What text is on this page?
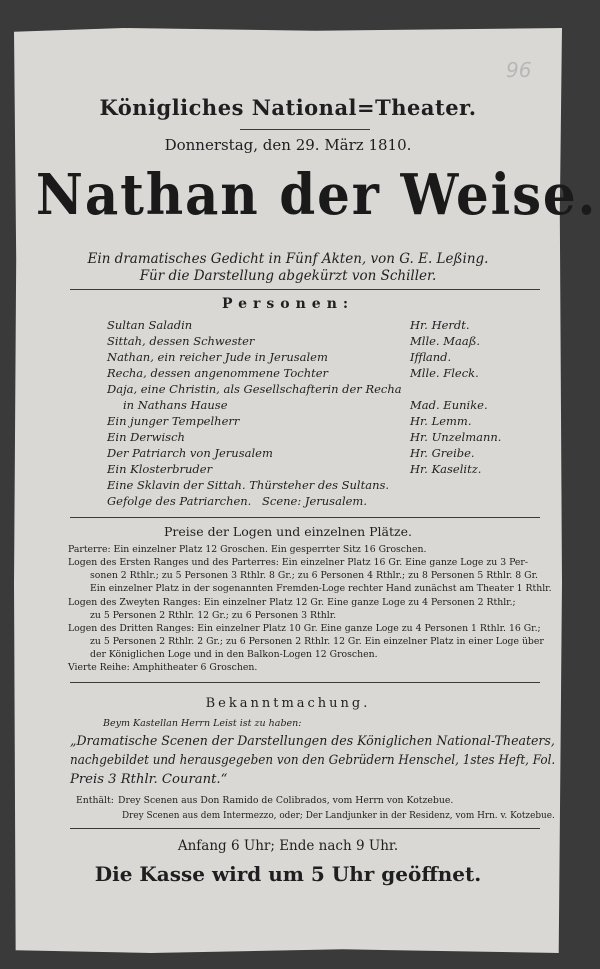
96
Königliches National=Theater.
Donnerstag, den 29. März 1810.
Nathan der Weise.
Ein dramatisches Gedicht in Fünf Akten, von G. E. Leßing.
Für die Darstellung abgekürzt von Schiller.
Personen:
Sultan Saladin	Hr. Herdt.
Sittah, dessen Schwester	Mlle. Maaß.
Nathan, ein reicher Jude in Jerusalem	Iffland.
Recha, dessen angenommene Tochter	Mlle. Fleck.
Daja, eine Christin, als Gesellschafterin der Recha
in Nathans Hause	Mad. Eunike.
Ein junger Tempelherr	Hr. Lemm.
Ein Derwisch	Hr. Unzelmann.
Der Patriarch von Jerusalem	Hr. Greibe.
Ein Klosterbruder	Hr. Kaselitz.
Eine Sklavin der Sittah. Thürsteher des Sultans.
Gefolge des Patriarchen. Scene: Jerusalem.
Preise der Logen und einzelnen Plätze.
Parterre: Ein einzelner Platz 12 Groschen. Ein gesperrter Sitz 16 Groschen.
Logen des Ersten Ranges und des Parterres: Ein einzelner Platz 16 Gr. Eine ganze Loge zu 3 Per-
sonen 2 Rthlr.; zu 5 Personen 3 Rthlr. 8 Gr.; zu 6 Personen 4 Rthlr.; zu 8 Personen 5 Rthlr. 8 Gr.
Ein einzelner Platz in der sogenannten Fremden-Loge rechter Hand zunächst am Theater 1 Rthlr.
Logen des Zweyten Ranges: Ein einzelner Platz 12 Gr. Eine ganze Loge zu 4 Personen 2 Rthlr.;
zu 5 Personen 2 Rthlr. 12 Gr.; zu 6 Personen 3 Rthlr.
Logen des Dritten Ranges: Ein einzelner Platz 10 Gr. Eine ganze Loge zu 4 Personen 1 Rthlr. 16 Gr.;
zu 5 Personen 2 Rthlr. 2 Gr.; zu 6 Personen 2 Rthlr. 12 Gr. Ein einzelner Platz in einer Loge über
der Königlichen Loge und in den Balkon-Logen 12 Groschen.
Vierte Reihe: Amphitheater 6 Groschen.
Bekanntmachung.
Beym Kastellan Herrn Leist ist zu haben:
„Dramatische Scenen der Darstellungen des Königlichen National-Theaters,
nachgebildet und herausgegeben von den Gebrüdern Henschel, 1stes Heft, Fol.
Preis 3 Rthlr. Courant.“
Enthält: Drey Scenen aus Don Ramido de Colibrados, vom Herrn von Kotzebue.
Drey Scenen aus dem Intermezzo, oder; Der Landjunker in der Residenz, vom Hrn. v. Kotzebue.
Anfang 6 Uhr; Ende nach 9 Uhr.
Die Kasse wird um 5 Uhr geöffnet.
